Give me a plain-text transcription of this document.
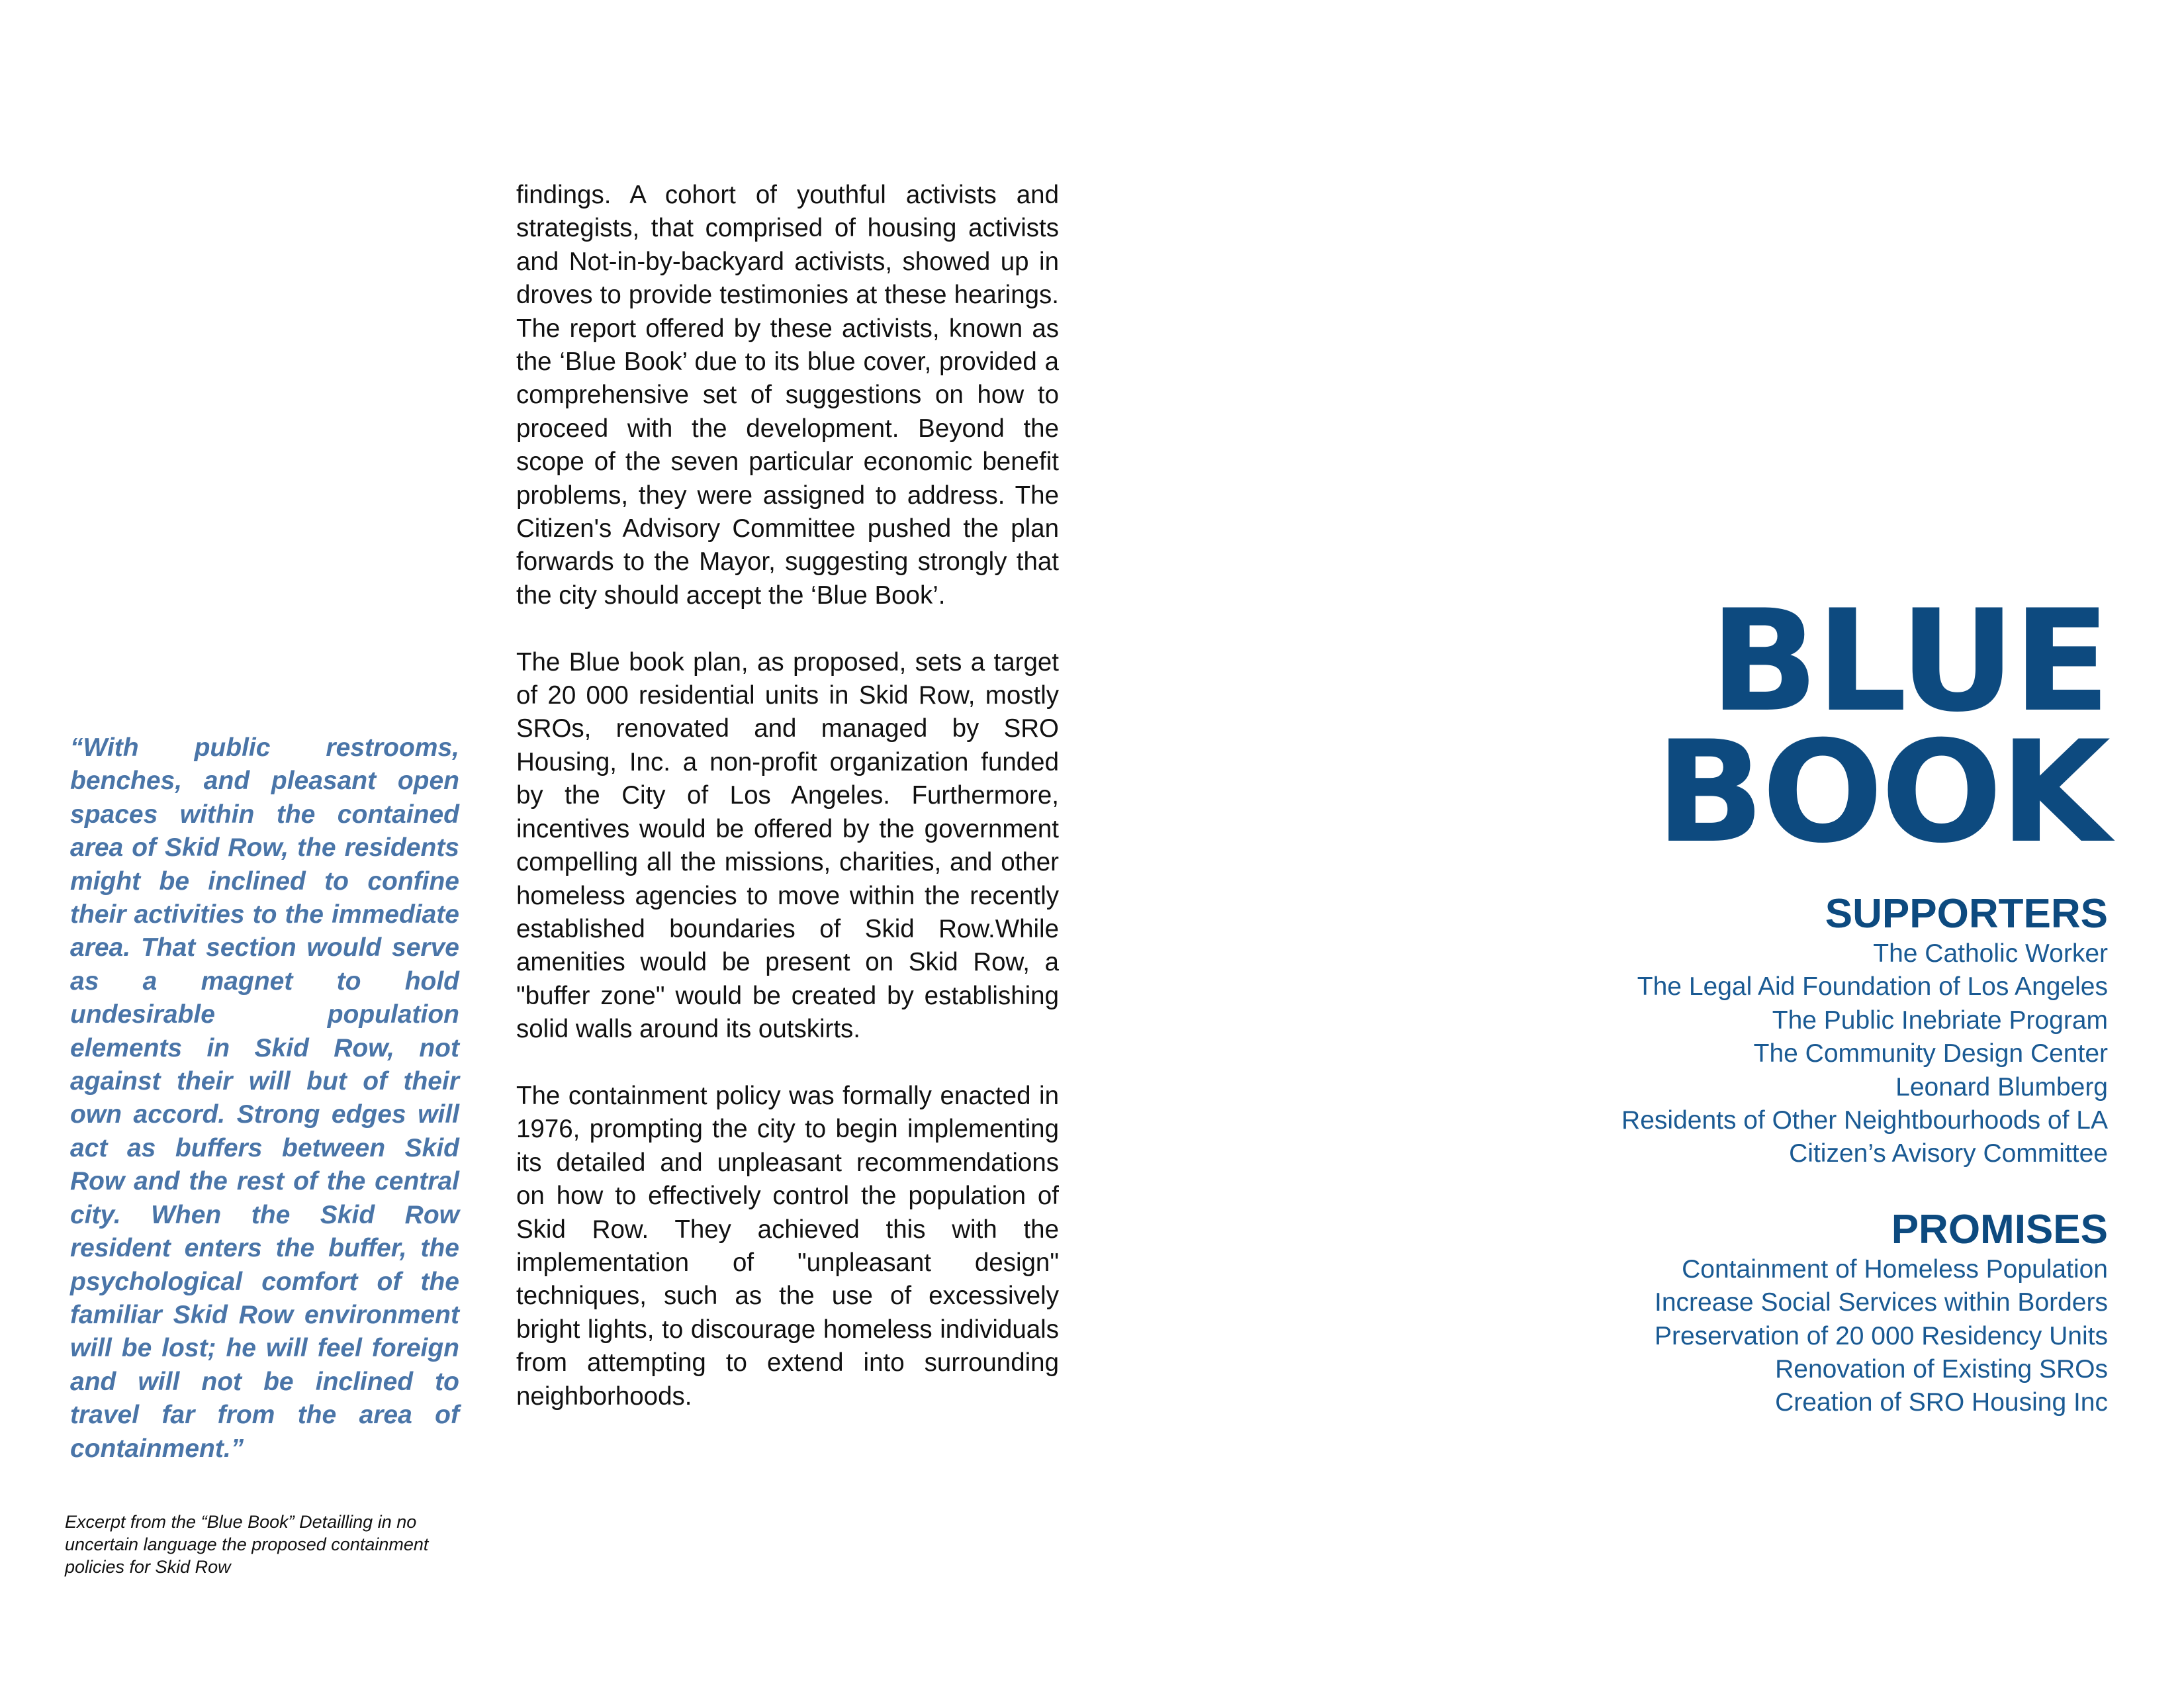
“With public restrooms, benches, and pleasant open spaces within the contained area of Skid Row, the residents might be inclined to confine their activities to the immediate area. That section would serve as a magnet to hold undesirable population elements in Skid Row, not against their will but of their own accord. Strong edges will act as buffers between Skid Row and the rest of the central city. When the Skid Row resident enters the buffer, the psychological comfort of the familiar Skid Row environment will be lost; he will feel foreign and will not be inclined to travel far from the area of containment.”

Excerpt from the “Blue Book” Detailling in no uncertain language the proposed containment policies for Skid Row

findings. A cohort of youthful activists and strategists, that comprised of housing activists and Not-in-by-backyard activists, showed up in droves to provide testimonies at these hearings. The report offered by these activists, known as the ‘Blue Book’ due to its blue cover, provided a comprehensive set of suggestions on how to proceed with the development. Beyond the scope of the seven particular economic benefit problems, they were assigned to address. The Citizen's Advisory Committee pushed the plan forwards to the Mayor, suggesting strongly that the city should accept the ‘Blue Book’.

The Blue book plan, as proposed, sets a target of 20 000 residential units in Skid Row, mostly SROs, renovated and managed by SRO Housing, Inc. a non-profit organization funded by the City of Los Angeles. Furthermore, incentives would be offered by the government compelling all the missions, charities, and other homeless agencies to move within the recently established boundaries of Skid Row.While amenities would be present on Skid Row, a "buffer zone" would be created by establishing solid walls around its outskirts.

The containment policy was formally enacted in 1976, prompting the city to begin implementing its detailed and unpleasant recommendations on how to effectively control the population of Skid Row. They achieved this with the implementation of "unpleasant design" techniques, such as the use of excessively bright lights, to discourage homeless individuals from attempting to extend into surrounding neighborhoods.

BLUE
BOOK
SUPPORTERS
The Catholic Worker
The Legal Aid Foundation of Los Angeles
The Public Inebriate Program
The Community Design Center
Leonard Blumberg
Residents of Other Neightbourhoods of LA
Citizen’s Avisory Committee
PROMISES
Containment of Homeless Population
Increase Social Services within Borders
Preservation of 20 000 Residency Units
Renovation of Existing SROs
Creation of SRO Housing Inc
